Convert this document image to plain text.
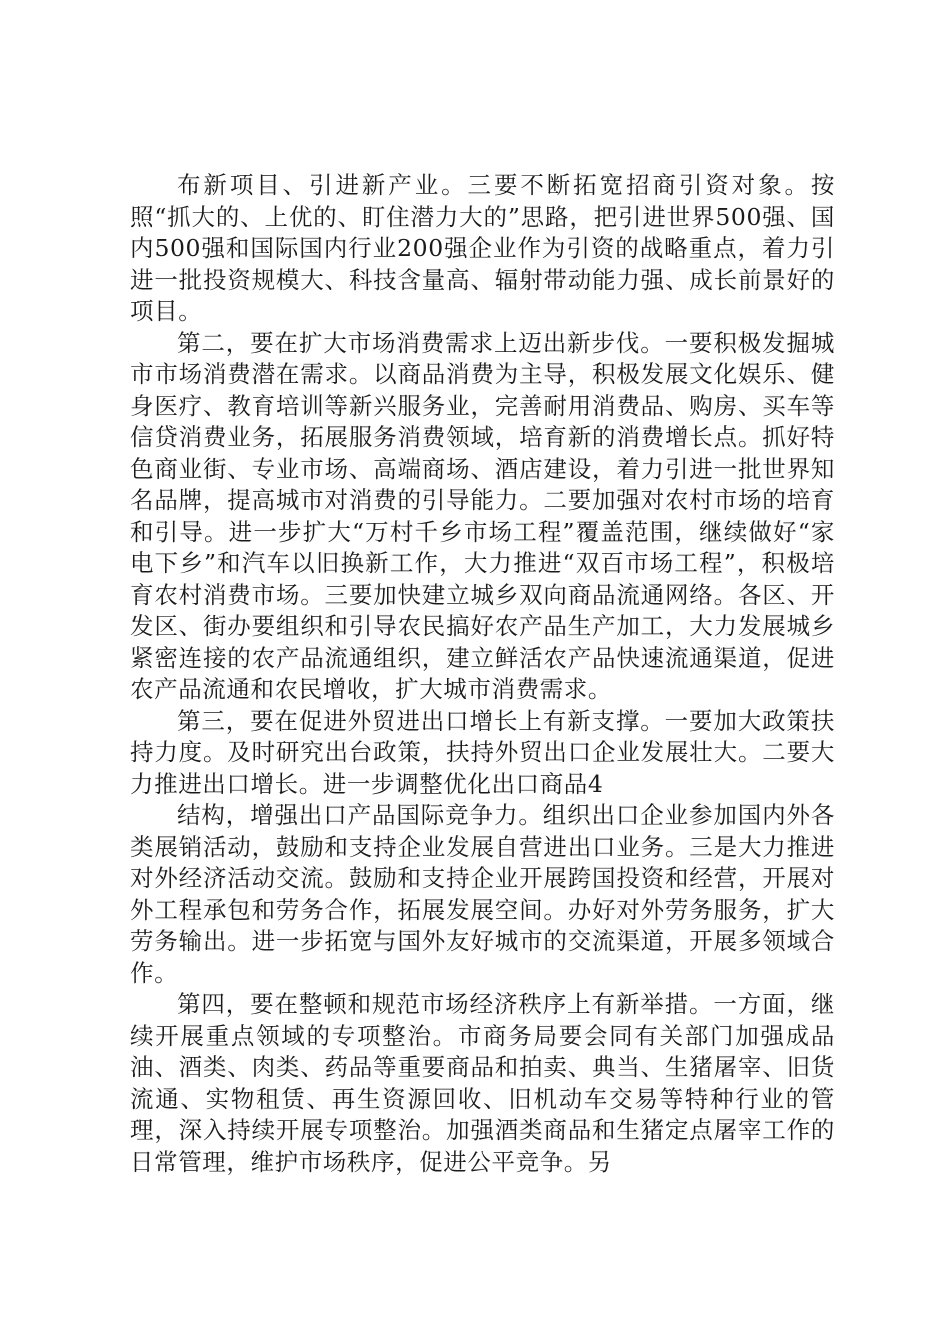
布新项目、引进新产业。三要不断拓宽招商引资对象。按照“抓大的、上优的、盯住潜力大的”思路，把引进世界500强、国内500强和国际国内行业200强企业作为引资的战略重点，着力引进一批投资规模大、科技含量高、辐射带动能力强、成长前景好的项目。

第二，要在扩大市场消费需求上迈出新步伐。一要积极发掘城市市场消费潜在需求。以商品消费为主导，积极发展文化娱乐、健身医疗、教育培训等新兴服务业，完善耐用消费品、购房、买车等信贷消费业务，拓展服务消费领域，培育新的消费增长点。抓好特色商业街、专业市场、高端商场、酒店建设，着力引进一批世界知名品牌，提高城市对消费的引导能力。二要加强对农村市场的培育和引导。进一步扩大“万村千乡市场工程”覆盖范围，继续做好“家电下乡”和汽车以旧换新工作，大力推进“双百市场工程”，积极培育农村消费市场。三要加快建立城乡双向商品流通网络。各区、开发区、街办要组织和引导农民搞好农产品生产加工，大力发展城乡紧密连接的农产品流通组织，建立鲜活农产品快速流通渠道，促进农产品流通和农民增收，扩大城市消费需求。

第三，要在促进外贸进出口增长上有新支撑。一要加大政策扶持力度。及时研究出台政策，扶持外贸出口企业发展壮大。二要大力推进出口增长。进一步调整优化出口商品4

结构，增强出口产品国际竞争力。组织出口企业参加国内外各类展销活动，鼓励和支持企业发展自营进出口业务。三是大力推进对外经济活动交流。鼓励和支持企业开展跨国投资和经营，开展对外工程承包和劳务合作，拓展发展空间。办好对外劳务服务，扩大劳务输出。进一步拓宽与国外友好城市的交流渠道，开展多领域合作。

第四，要在整顿和规范市场经济秩序上有新举措。一方面，继续开展重点领域的专项整治。市商务局要会同有关部门加强成品油、酒类、肉类、药品等重要商品和拍卖、典当、生猪屠宰、旧货流通、实物租赁、再生资源回收、旧机动车交易等特种行业的管理，深入持续开展专项整治。加强酒类商品和生猪定点屠宰工作的日常管理，维护市场秩序，促进公平竞争。另
